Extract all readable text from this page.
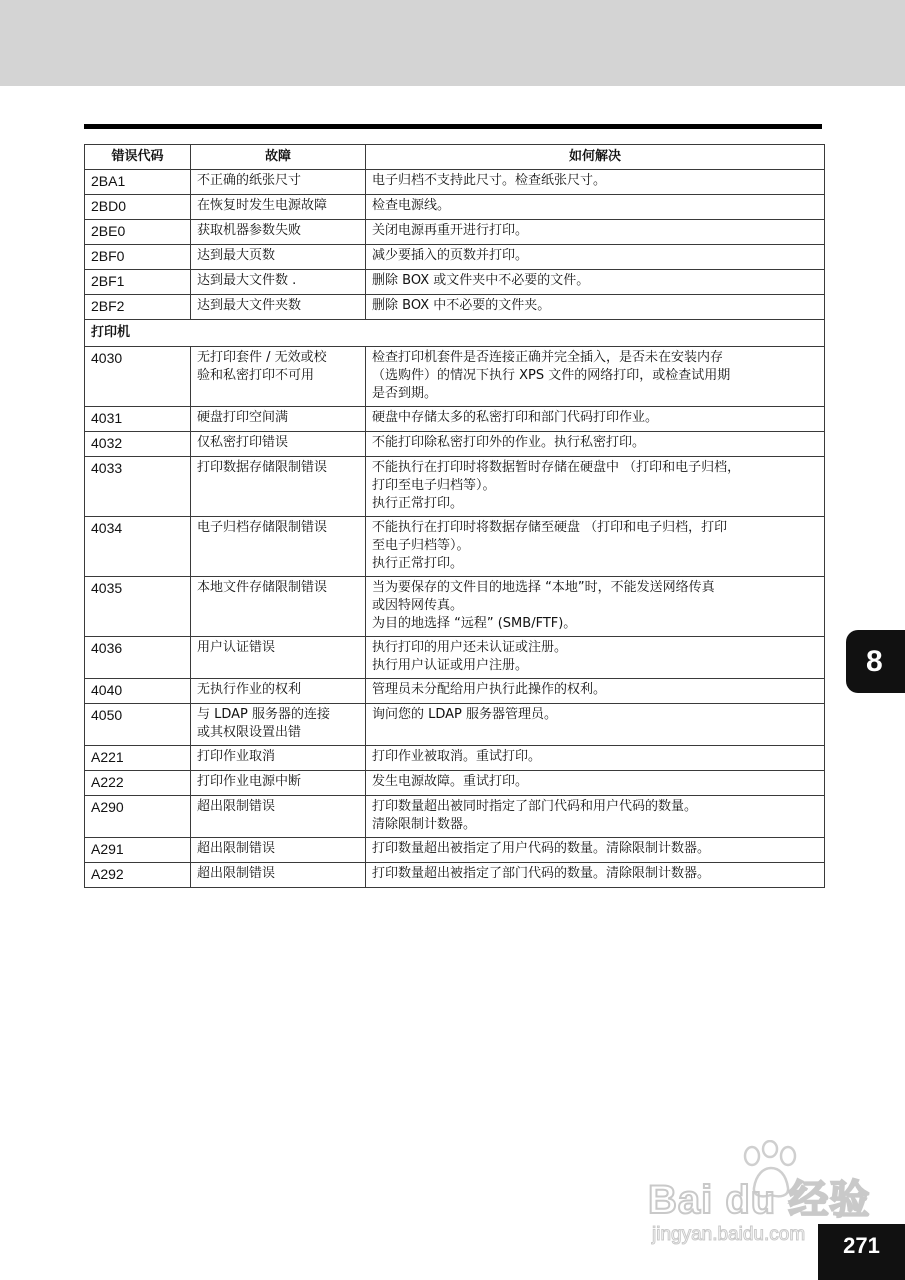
错误代码	故障	如何解决
2BA1	不正确的纸张尺寸	电子归档不支持此尺寸。检查纸张尺寸。
2BD0	在恢复时发生电源故障	检查电源线。
2BE0	获取机器参数失败	关闭电源再重开进行打印。
2BF0	达到最大页数	减少要插入的页数并打印。
2BF1	达到最大文件数 .	删除 BOX 或文件夹中不必要的文件。
2BF2	达到最大文件夹数	删除 BOX 中不必要的文件夹。
打印机		
4030	无打印套件 / 无效或校
验和私密打印不可用	检查打印机套件是否连接正确并完全插入，是否未在安装内存
（选购件）的情况下执行 XPS 文件的网络打印，或检查试用期
是否到期。
4031	硬盘打印空间满	硬盘中存储太多的私密打印和部门代码打印作业。
4032	仅私密打印错误	不能打印除私密打印外的作业。执行私密打印。
4033	打印数据存储限制错误	不能执行在打印时将数据暂时存储在硬盘中 （打印和电子归档，
打印至电子归档等）。
执行正常打印。
4034	电子归档存储限制错误	不能执行在打印时将数据存储至硬盘 （打印和电子归档，打印
至电子归档等）。
执行正常打印。
4035	本地文件存储限制错误	当为要保存的文件目的地选择 “本地”时，不能发送网络传真
或因特网传真。
为目的地选择 “远程” (SMB/FTF)。
4036	用户认证错误	执行打印的用户还未认证或注册。
执行用户认证或用户注册。
4040	无执行作业的权利	管理员未分配给用户执行此操作的权利。
4050	与 LDAP 服务器的连接
或其权限设置出错	询问您的 LDAP 服务器管理员。
A221	打印作业取消	打印作业被取消。重试打印。
A222	打印作业电源中断	发生电源故障。重试打印。
A290	超出限制错误	打印数量超出被同时指定了部门代码和用户代码的数量。
清除限制计数器。
A291	超出限制错误	打印数量超出被指定了用户代码的数量。清除限制计数器。
A292	超出限制错误	打印数量超出被指定了部门代码的数量。清除限制计数器。
8
271
Bai du 经验
jingyan.baidu.com
